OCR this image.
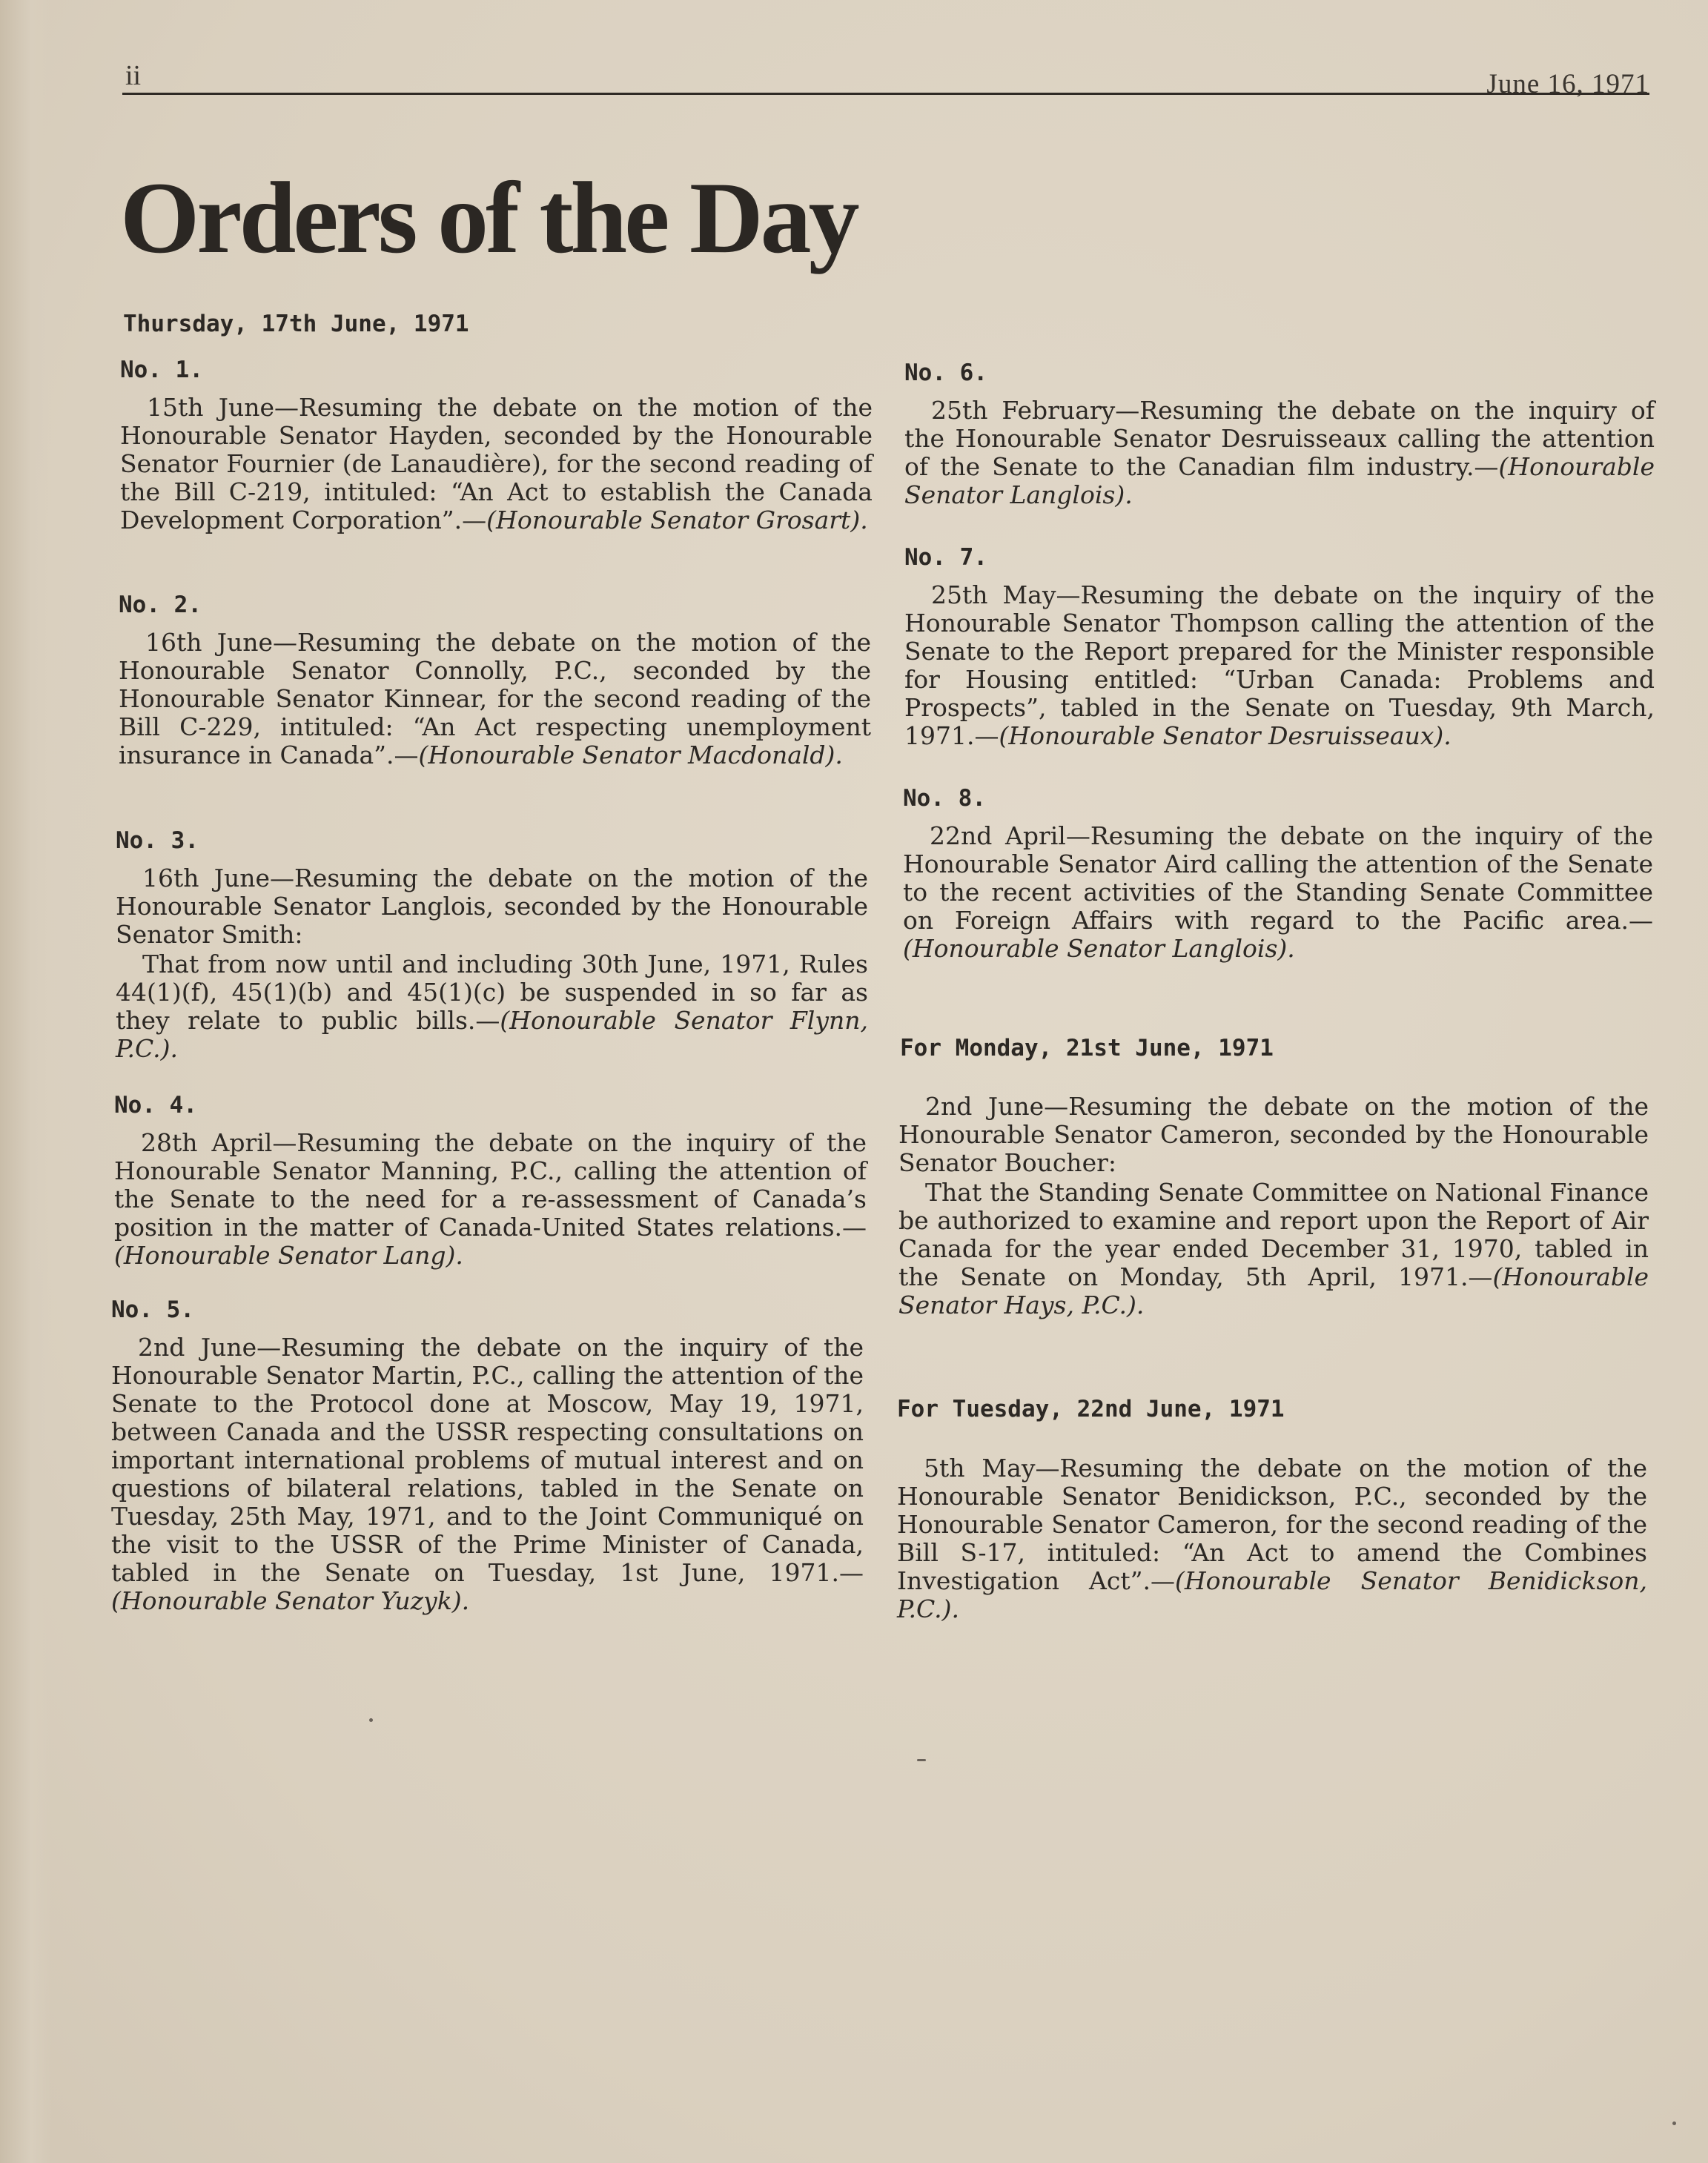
ii	June 16, 1971
Orders of the Day
Thursday, 17th June, 1971
No. 1.

15th June—Resuming the debate on the motion of the Honourable Senator Hayden, seconded by the Honourable Senator Fournier (de Lanaudière), for the second reading of the Bill C-219, intituled: “An Act to establish the Canada Development Corporation”.—(Honourable Senator Grosart).

No. 2.

16th June—Resuming the debate on the motion of the Honourable Senator Connolly, P.C., seconded by the Honourable Senator Kinnear, for the second reading of the Bill C-229, intituled: “An Act respecting unemployment insurance in Canada”.—(Honourable Senator Macdonald).

No. 3.

16th June—Resuming the debate on the motion of the Honourable Senator Langlois, seconded by the Honourable Senator Smith:

That from now until and including 30th June, 1971, Rules 44(1)(f), 45(1)(b) and 45(1)(c) be suspended in so far as they relate to public bills.—(Honourable Senator Flynn, P.C.).

No. 4.

28th April—Resuming the debate on the inquiry of the Honourable Senator Manning, P.C., calling the attention of the Senate to the need for a re-assessment of Canada’s position in the matter of Canada-United States relations.—(Honourable Senator Lang).

No. 5.

2nd June—Resuming the debate on the inquiry of the Honourable Senator Martin, P.C., calling the attention of the Senate to the Protocol done at Moscow, May 19, 1971, between Canada and the USSR respecting consultations on important international problems of mutual interest and on questions of bilateral relations, tabled in the Senate on Tuesday, 25th May, 1971, and to the Joint Communiqué on the visit to the USSR of the Prime Minister of Canada, tabled in the Senate on Tuesday, 1st June, 1971.—(Honourable Senator Yuzyk).

No. 6.

25th February—Resuming the debate on the inquiry of the Honourable Senator Desruisseaux calling the attention of the Senate to the Canadian film industry.—(Honourable Senator Langlois).

No. 7.

25th May—Resuming the debate on the inquiry of the Honourable Senator Thompson calling the attention of the Senate to the Report prepared for the Minister responsible for Housing entitled: “Urban Canada: Problems and Prospects”, tabled in the Senate on Tuesday, 9th March, 1971.—(Honourable Senator Desruisseaux).

No. 8.

22nd April—Resuming the debate on the inquiry of the Honourable Senator Aird calling the attention of the Senate to the recent activities of the Standing Senate Committee on Foreign Affairs with regard to the Pacific area.—(Honourable Senator Langlois).

For Monday, 21st June, 1971

2nd June—Resuming the debate on the motion of the Honourable Senator Cameron, seconded by the Honourable Senator Boucher:

That the Standing Senate Committee on National Finance be authorized to examine and report upon the Report of Air Canada for the year ended December 31, 1970, tabled in the Senate on Monday, 5th April, 1971.—(Honourable Senator Hays, P.C.).

For Tuesday, 22nd June, 1971

5th May—Resuming the debate on the motion of the Honourable Senator Benidickson, P.C., seconded by the Honourable Senator Cameron, for the second reading of the Bill S-17, intituled: “An Act to amend the Combines Investigation Act”.—(Honourable Senator Benidickson, P.C.).
